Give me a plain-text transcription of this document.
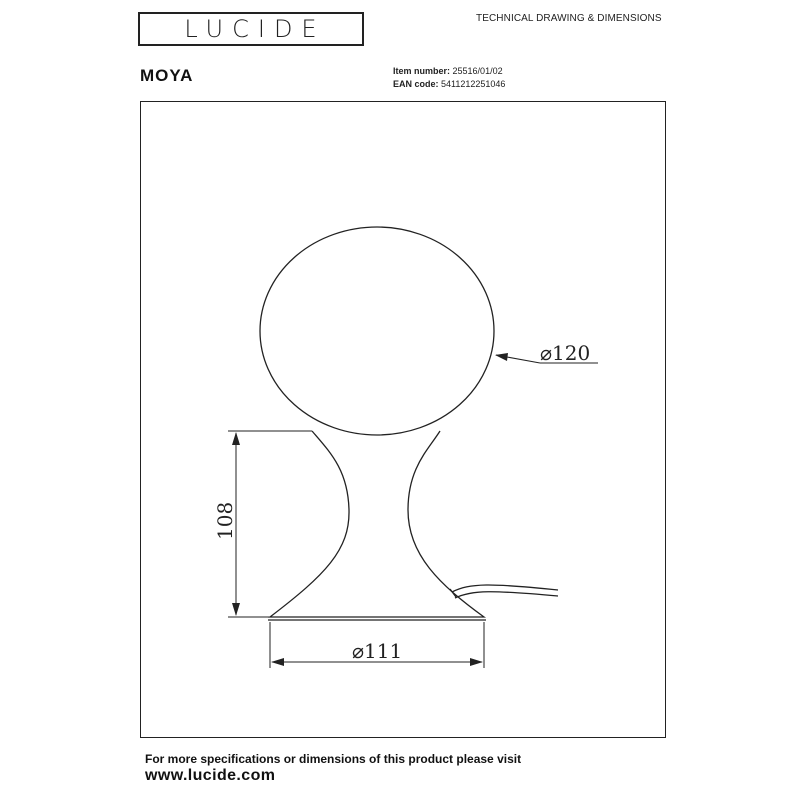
LUCIDE	TECHNICAL DRAWING & DIMENSIONS
MOYA	Item number: 25516/01/02
EAN code: 5411212251046
⌀120
108
⌀111
For more specifications or dimensions of this product please visit
www.lucide.com
